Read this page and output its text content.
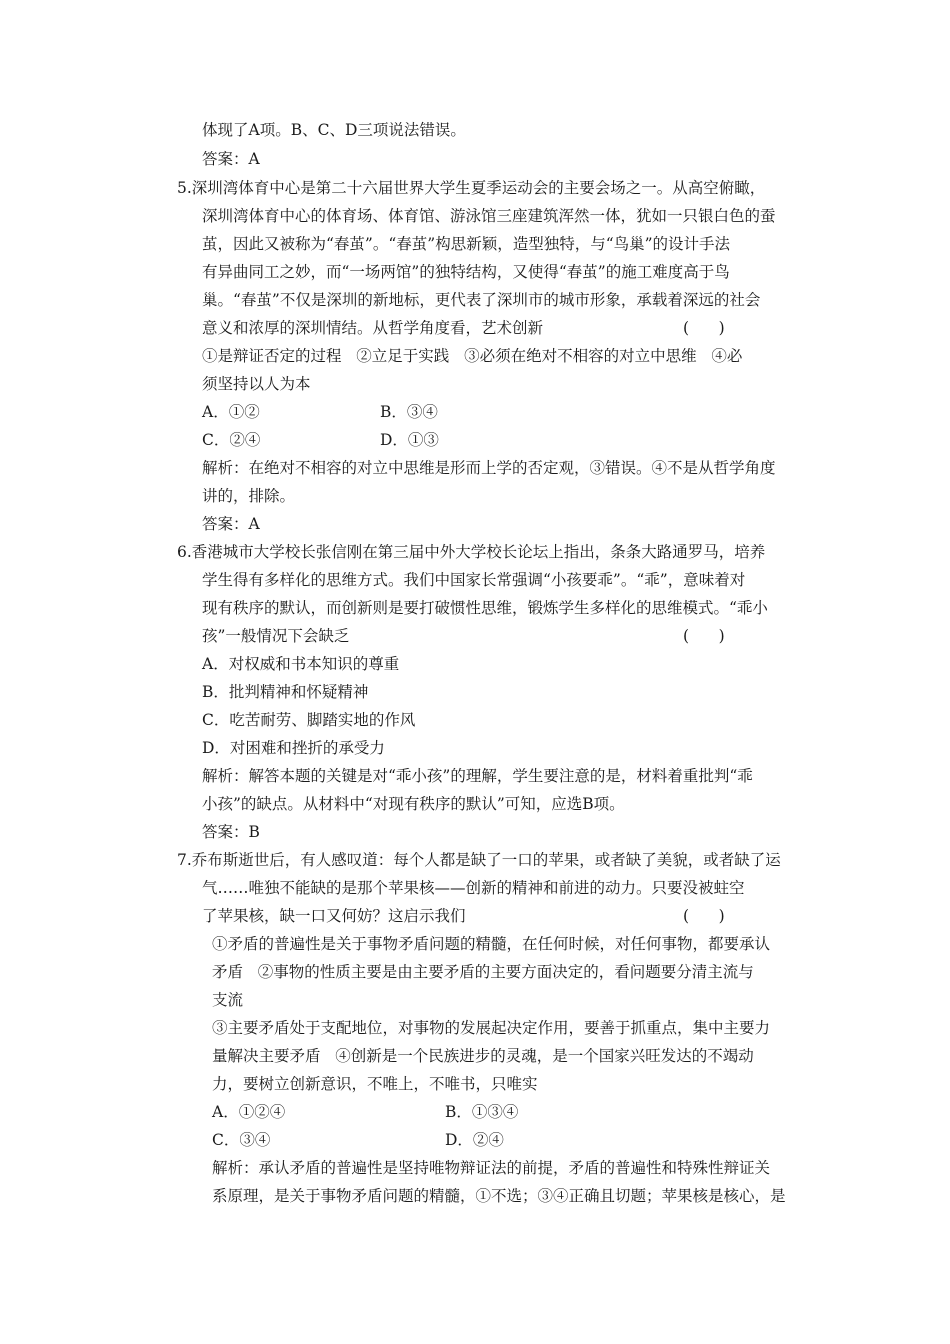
体现了A项。B、C、D三项说法错误。
答案：A
5.深圳湾体育中心是第二十六届世界大学生夏季运动会的主要会场之一。从高空俯瞰，
深圳湾体育中心的体育场、体育馆、游泳馆三座建筑浑然一体，犹如一只银白色的蚕
茧，因此又被称为“春茧”。“春茧”构思新颖，造型独特，与“鸟巢”的设计手法
有异曲同工之妙，而“一场两馆”的独特结构，又使得“春茧”的施工难度高于鸟
巢。“春茧”不仅是深圳的新地标，更代表了深圳市的城市形象，承载着深远的社会
意义和浓厚的深圳情结。从哲学角度看，艺术创新	(      )
①是辩证否定的过程   ②立足于实践   ③必须在绝对不相容的对立中思维   ④必
须坚持以人为本
A．①②	B．③④
C．②④	D．①③
解析：在绝对不相容的对立中思维是形而上学的否定观，③错误。④不是从哲学角度
讲的，排除。
答案：A
6.香港城市大学校长张信刚在第三届中外大学校长论坛上指出，条条大路通罗马，培养
学生得有多样化的思维方式。我们中国家长常强调“小孩要乖”。“乖”，意味着对
现有秩序的默认，而创新则是要打破惯性思维，锻炼学生多样化的思维模式。“乖小
孩”一般情况下会缺乏	(      )
A．对权威和书本知识的尊重
B．批判精神和怀疑精神
C．吃苦耐劳、脚踏实地的作风
D．对困难和挫折的承受力
解析：解答本题的关键是对“乖小孩”的理解，学生要注意的是，材料着重批判“乖
小孩”的缺点。从材料中“对现有秩序的默认”可知，应选B项。
答案：B
7.乔布斯逝世后，有人感叹道：每个人都是缺了一口的苹果，或者缺了美貌，或者缺了运
气……唯独不能缺的是那个苹果核——创新的精神和前进的动力。只要没被蛀空
了苹果核，缺一口又何妨？这启示我们	(      )
①矛盾的普遍性是关于事物矛盾问题的精髓，在任何时候，对任何事物，都要承认
矛盾   ②事物的性质主要是由主要矛盾的主要方面决定的，看问题要分清主流与
支流
③主要矛盾处于支配地位，对事物的发展起决定作用，要善于抓重点，集中主要力
量解决主要矛盾   ④创新是一个民族进步的灵魂，是一个国家兴旺发达的不竭动
力，要树立创新意识，不唯上，不唯书，只唯实
A．①②④	B．①③④
C．③④	D．②④
解析：承认矛盾的普遍性是坚持唯物辩证法的前提，矛盾的普遍性和特殊性辩证关
系原理，是关于事物矛盾问题的精髓，①不选；③④正确且切题；苹果核是核心，是
